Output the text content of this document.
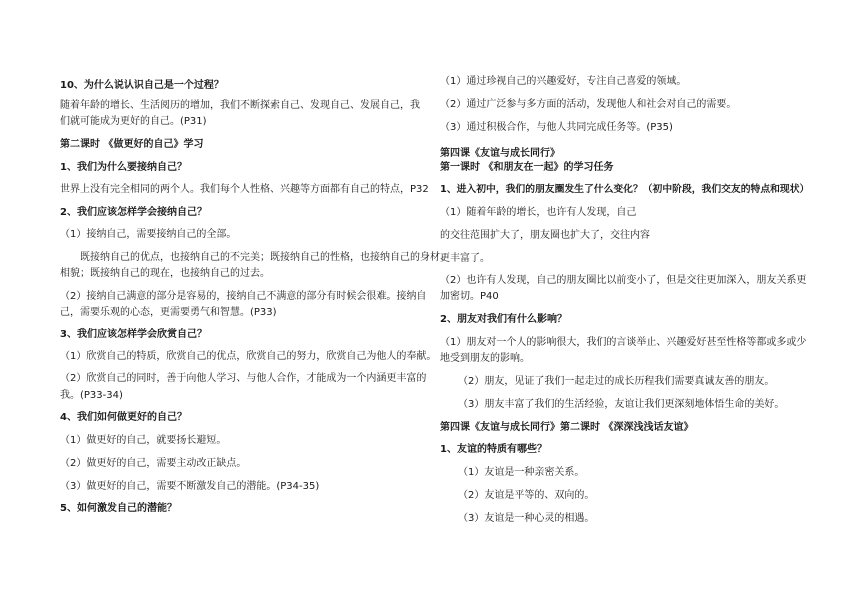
10、为什么说认识自己是一个过程？
随着年龄的增长、生活阅历的增加，我们不断探索自己、发现自己、发展自己，我
们就可能成为更好的自己。(P31)
第二课时 《做更好的自己》学习
1、我们为什么要接纳自己？
世界上没有完全相同的两个人。我们每个人性格、兴趣等方面都有自己的特点，P32
2、我们应该怎样学会接纳自己？
（1）接纳自己，需要接纳自己的全部。
既接纳自己的优点，也接纳自己的不完美；既接纳自己的性格，也接纳自己的身材、
相貌；既接纳自己的现在，也接纳自己的过去。
（2）接纳自己满意的部分是容易的，接纳自己不满意的部分有时候会很难。接纳自
己，需要乐观的心态，更需要勇气和智慧。(P33)
3、我们应该怎样学会欣赏自己？
（1）欣赏自己的特质，欣赏自己的优点，欣赏自己的努力，欣赏自己为他人的奉献。
（2）欣赏自己的同时，善于向他人学习、与他人合作，才能成为一个内涵更丰富的
我。(P33-34)
4、我们如何做更好的自己？
（1）做更好的自己，就要扬长避短。
（2）做更好的自己，需要主动改正缺点。
（3）做更好的自己，需要不断激发自己的潜能。(P34-35)
5、如何激发自己的潜能？
（1）通过珍视自己的兴趣爱好，专注自己喜爱的领域。
（2）通过广泛参与多方面的活动，发现他人和社会对自己的需要。
（3）通过积极合作，与他人共同完成任务等。(P35)
第四课《友谊与成长同行》
第一课时 《和朋友在一起》的学习任务
1、进入初中，我们的朋友圈发生了什么变化？（初中阶段，我们交友的特点和现状）
（1）随着年龄的增长，也许有人发现，自己
的交往范围扩大了，朋友圈也扩大了，交往内容
更丰富了。
（2）也许有人发现，自己的朋友圈比以前变小了，但是交往更加深入，朋友关系更
加密切。P40
2、朋友对我们有什么影响？
（1）朋友对一个人的影响很大，我们的言谈举止、兴趣爱好甚至性格等都或多或少
地受到朋友的影响。
（2）朋友，见证了我们一起走过的成长历程我们需要真诚友善的朋友。
（3）朋友丰富了我们的生活经验，友谊让我们更深刻地体悟生命的美好。
第四课《友谊与成长同行》第二课时 《深深浅浅话友谊》
1、友谊的特质有哪些？
（1）友谊是一种亲密关系。
（2）友谊是平等的、双向的。
（3）友谊是一种心灵的相遇。
